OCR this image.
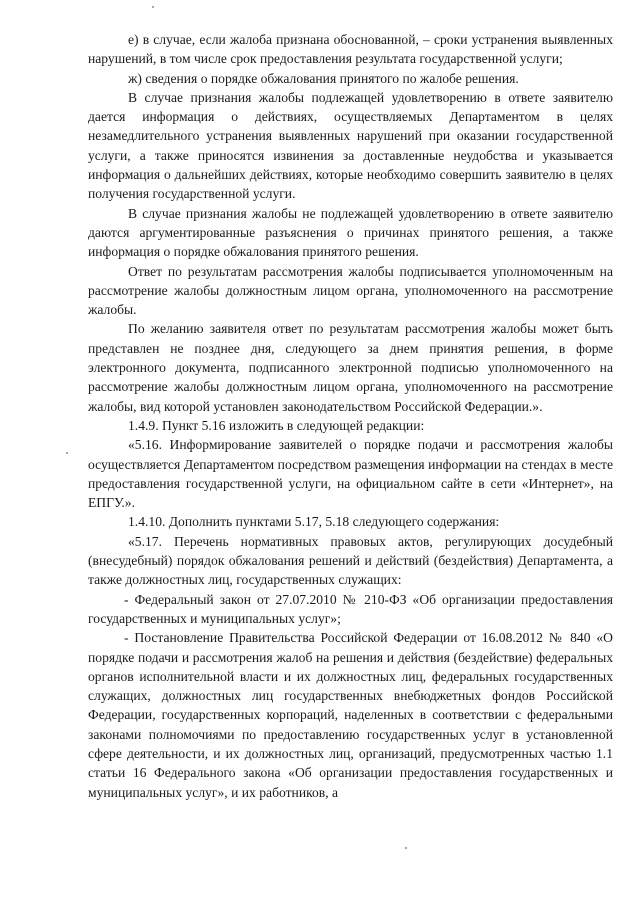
е) в случае, если жалоба признана обоснованной, – сроки устранения выявленных нарушений, в том числе срок предоставления результата государственной услуги;

ж) сведения о порядке обжалования принятого по жалобе решения.

В случае признания жалобы подлежащей удовлетворению в ответе заявителю дается информация о действиях, осуществляемых Департаментом в целях незамедлительного устранения выявленных нарушений при оказании государственной услуги, а также приносятся извинения за доставленные неудобства и указывается информация о дальнейших действиях, которые необходимо совершить заявителю в целях получения государственной услуги.

В случае признания жалобы не подлежащей удовлетворению в ответе заявителю даются аргументированные разъяснения о причинах принятого решения, а также информация о порядке обжалования принятого решения.

Ответ по результатам рассмотрения жалобы подписывается уполномоченным на рассмотрение жалобы должностным лицом органа, уполномоченного на рассмотрение жалобы.

По желанию заявителя ответ по результатам рассмотрения жалобы может быть представлен не позднее дня, следующего за днем принятия решения, в форме электронного документа, подписанного электронной подписью уполномоченного на рассмотрение жалобы должностным лицом органа, уполномоченного на рассмотрение жалобы, вид которой установлен законодательством Российской Федерации.».

1.4.9. Пункт 5.16 изложить в следующей редакции:

«5.16. Информирование заявителей о порядке подачи и рассмотрения жалобы осуществляется Департаментом посредством размещения информации на стендах в месте предоставления государственной услуги, на официальном сайте в сети «Интернет», на ЕПГУ.».

1.4.10. Дополнить пунктами 5.17, 5.18 следующего содержания:

«5.17. Перечень нормативных правовых актов, регулирующих досудебный (внесудебный) порядок обжалования решений и действий (бездействия) Департамента, а также должностных лиц, государственных служащих:

- Федеральный закон от 27.07.2010 № 210-ФЗ «Об организации предоставления государственных и муниципальных услуг»;

- Постановление Правительства Российской Федерации от 16.08.2012 № 840 «О порядке подачи и рассмотрения жалоб на решения и действия (бездействие) федеральных органов исполнительной власти и их должностных лиц, федеральных государственных служащих, должностных лиц государственных внебюджетных фондов Российской Федерации, государственных корпораций, наделенных в соответствии с федеральными законами полномочиями по предоставлению государственных услуг в установленной сфере деятельности, и их должностных лиц, организаций, предусмотренных частью 1.1 статьи 16 Федерального закона «Об организации предоставления государственных и муниципальных услуг», и их работников, а
